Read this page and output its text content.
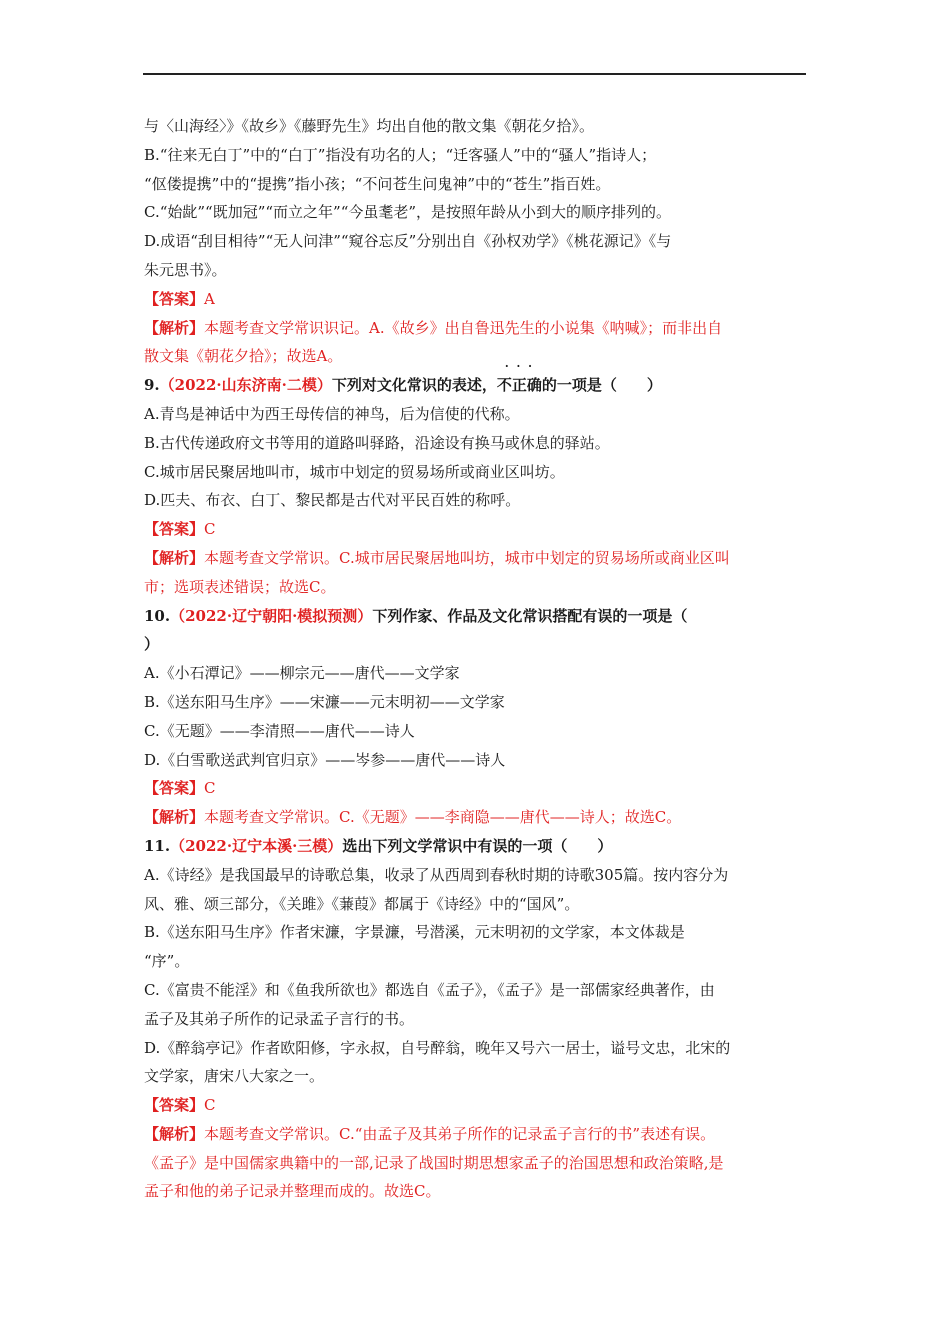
与〈山海经〉》《故乡》《藤野先生》均出自他的散文集《朝花夕拾》。
B.“往来无白丁”中的“白丁”指没有功名的人；“迁客骚人”中的“骚人”指诗人；
“伛偻提携”中的“提携”指小孩；“不问苍生问鬼神”中的“苍生”指百姓。
C.“始龀”“既加冠”“而立之年”“今虽耄老”，是按照年龄从小到大的顺序排列的。
D.成语“刮目相待”“无人问津”“窥谷忘反”分别出自《孙权劝学》《桃花源记》《与
朱元思书》。
【答案】A
【解析】本题考查文学常识识记。A.《故乡》出自鲁迅先生的小说集《呐喊》；而非出自
散文集《朝花夕拾》；故选A。
9.（2022·山东济南·二模）下列对文化常识的表述，
· · ·
不正确的一项是（　　）
A.青鸟是神话中为西王母传信的神鸟，后为信使的代称。
B.古代传递政府文书等用的道路叫驿路，沿途设有换马或休息的驿站。
C.城市居民聚居地叫市，城市中划定的贸易场所或商业区叫坊。
D.匹夫、布衣、白丁、黎民都是古代对平民百姓的称呼。
【答案】C
【解析】本题考查文学常识。C.城市居民聚居地叫坊，城市中划定的贸易场所或商业区叫
市；选项表述错误；故选C。
10.（2022·辽宁朝阳·模拟预测）下列作家、作品及文化常识搭配有误的一项是（
）
A.《小石潭记》——柳宗元——唐代——文学家
B.《送东阳马生序》——宋濂——元末明初——文学家
C.《无题》——李清照——唐代——诗人
D.《白雪歌送武判官归京》——岑参——唐代——诗人
【答案】C
【解析】本题考查文学常识。C.《无题》——李商隐——唐代——诗人；故选C。
11.（2022·辽宁本溪·三模）选出下列文学常识中有误的一项（　　）
A.《诗经》是我国最早的诗歌总集，收录了从西周到春秋时期的诗歌305篇。按内容分为
风、雅、颂三部分，《关雎》《蒹葭》都属于《诗经》中的“国风”。
B.《送东阳马生序》作者宋濂，字景濂，号潜溪，元末明初的文学家，本文体裁是
“序”。
C.《富贵不能淫》和《鱼我所欲也》都选自《孟子》，《孟子》是一部儒家经典著作，由
孟子及其弟子所作的记录孟子言行的书。
D.《醉翁亭记》作者欧阳修，字永叔，自号醉翁，晚年又号六一居士，谥号文忠，北宋的
文学家，唐宋八大家之一。
【答案】C
【解析】本题考查文学常识。C.“由孟子及其弟子所作的记录孟子言行的书”表述有误。
《孟子》是中国儒家典籍中的一部,记录了战国时期思想家孟子的治国思想和政治策略,是
孟子和他的弟子记录并整理而成的。故选C。
